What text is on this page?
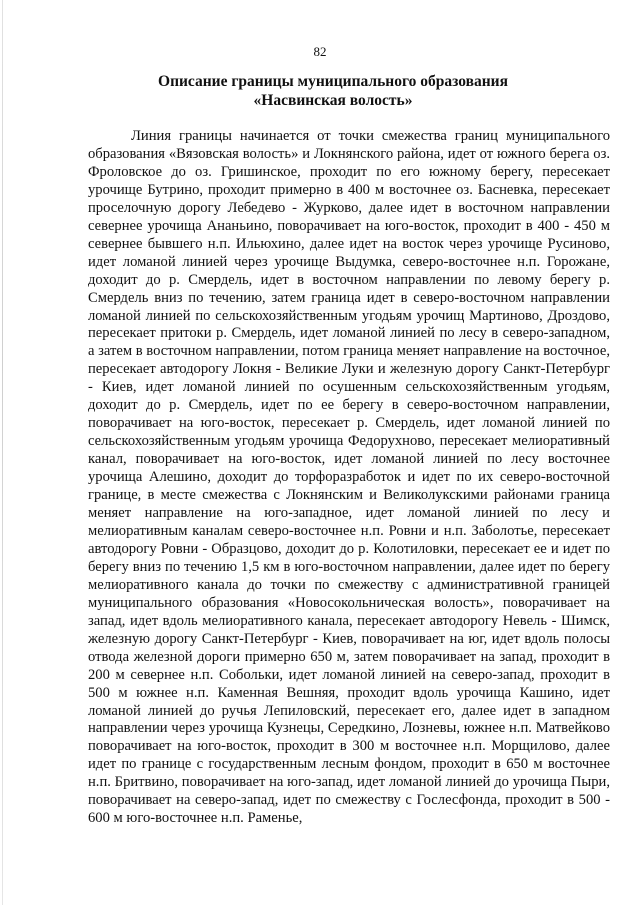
82
Описание границы муниципального образования
«Насвинская волость»

Линия границы начинается от точки смежества границ муниципального образования «Вязовская волость» и Локнянского района, идет от южного берега оз. Фроловское до оз. Гришинское, проходит по его южному берегу, пересекает урочище Бутрино, проходит примерно в 400 м восточнее оз. Басневка, пересекает проселочную дорогу Лебедево - Журково, далее идет в восточном направлении севернее урочища Ананьино, поворачивает на юго-восток, проходит в 400 - 450 м севернее бывшего н.п. Ильюхино, далее идет на восток через урочище Русиново, идет ломаной линией через урочище Выдумка, северо-восточнее н.п. Горожане, доходит до р. Смердель, идет в восточном направлении по левому берегу р. Смердель вниз по течению, затем граница идет в северо-восточном направлении ломаной линией по сельскохозяйственным угодьям урочищ Мартиново, Дроздово, пересекает притоки р. Смердель, идет ломаной линией по лесу в северо-западном, а затем в восточном направлении, потом граница меняет направление на восточное, пересекает автодорогу Локня - Великие Луки и железную дорогу Санкт-Петербург - Киев, идет ломаной линией по осушенным сельскохозяйственным угодьям, доходит до р. Смердель, идет по ее берегу в северо-восточном направлении, поворачивает на юго-восток, пересекает р. Смердель, идет ломаной линией по сельскохозяйственным угодьям урочища Федорухново, пересекает мелиоративный канал, поворачивает на юго-восток, идет ломаной линией по лесу восточнее урочища Алешино, доходит до торфоразработок и идет по их северо-восточной границе, в месте смежества с Локнянским и Великолукскими районами граница меняет направление на юго-западное, идет ломаной линией по лесу и мелиоративным каналам северо-восточнее н.п. Ровни и н.п. Заболотье, пересекает автодорогу Ровни - Образцово, доходит до р. Колотиловки, пересекает ее и идет по берегу вниз по течению 1,5 км в юго-восточном направлении, далее идет по берегу мелиоративного канала до точки по смежеству с административной границей муниципального образования «Новосокольническая волость», поворачивает на запад, идет вдоль мелиоративного канала, пересекает автодорогу Невель - Шимск, железную дорогу Санкт-Петербург - Киев, поворачивает на юг, идет вдоль полосы отвода железной дороги примерно 650 м, затем поворачивает на запад, проходит в 200 м севернее н.п. Собольки, идет ломаной линией на северо-запад, проходит в 500 м южнее н.п. Каменная Вешняя, проходит вдоль урочища Кашино, идет ломаной линией до ручья Лепиловский, пересекает его, далее идет в западном направлении через урочища Кузнецы, Середкино, Лозневы, южнее н.п. Матвейково поворачивает на юго-восток, проходит в 300 м восточнее н.п. Морщилово, далее идет по границе с государственным лесным фондом, проходит в 650 м восточнее н.п. Бритвино, поворачивает на юго-запад, идет ломаной линией до урочища Пыри, поворачивает на северо-запад, идет по смежеству с Гослесфонда, проходит в 500 - 600 м юго-восточнее н.п. Раменье,
